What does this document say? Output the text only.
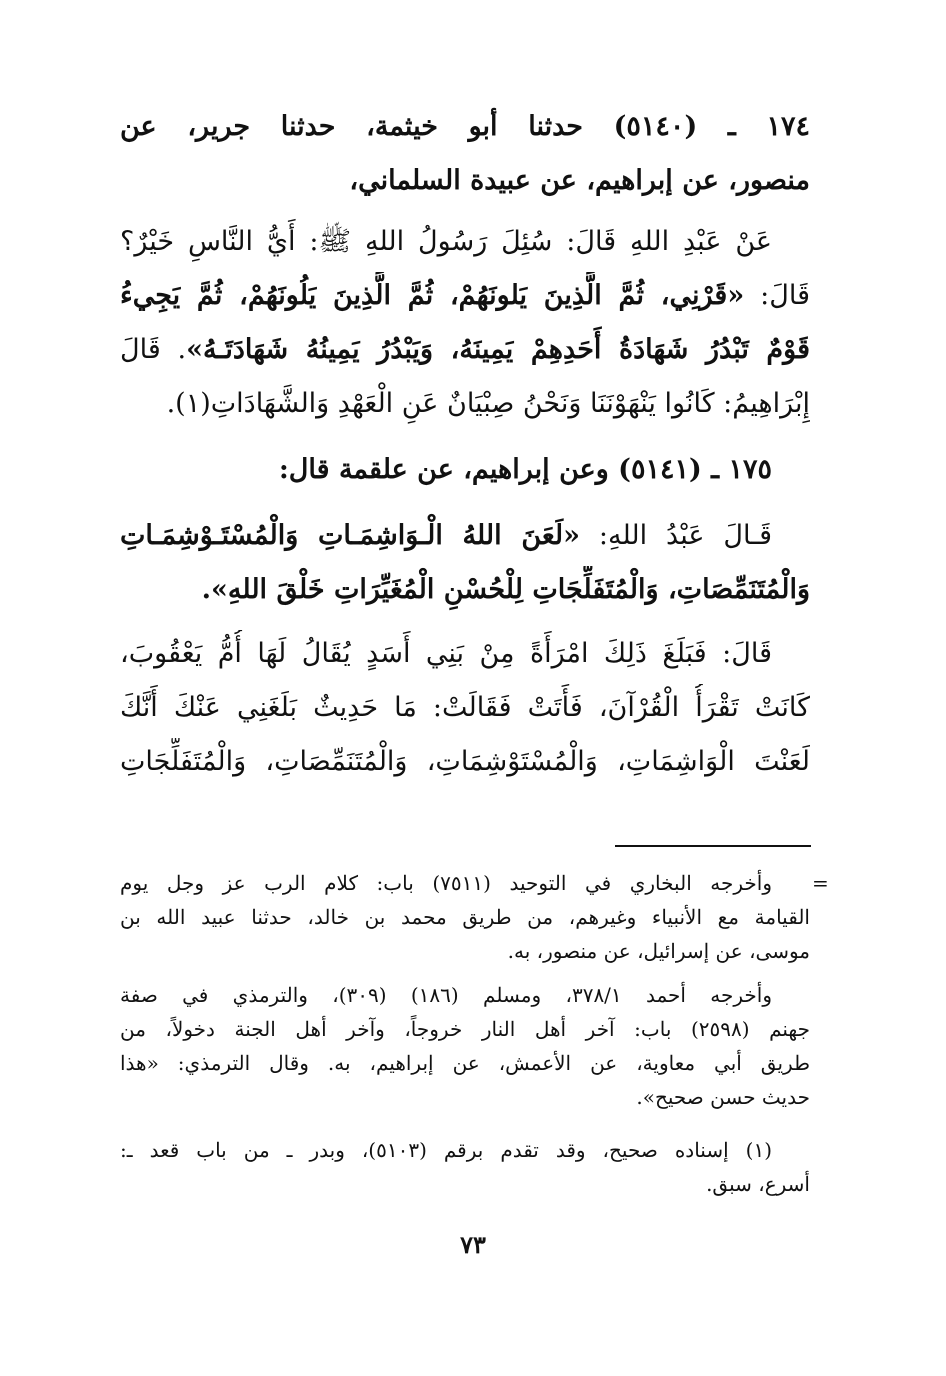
١٧٤ ـ (٥١٤٠) حدثنا أبو خيثمة، حدثنا جرير، عن
منصور، عن إبراهيم، عن عبيدة السلماني،
عَنْ عَبْدِ اللهِ قَالَ: سُئِلَ رَسُولُ اللهِ ﷺ: أَيُّ النَّاسِ خَيْرٌ؟
قَالَ: «قَرْنِي، ثُمَّ الَّذِينَ يَلونَهُمْ، ثُمَّ الَّذِينَ يَلُونَهُمْ، ثُمَّ يَجِيءُ
قَوْمٌ تَبْدُرُ شَهَادَةُ أَحَدِهِمْ يَمِينَهُ، وَيَبْدُرُ يَمِينُهُ شَهَادَتَـهُ». قَالَ
إِبْرَاهِيمُ: كَانُوا يَنْهَوْنَنَا وَنَحْنُ صِبْيَانٌ عَنِ الْعَهْدِ وَالشَّهَادَاتِ(١).
١٧٥ ـ (٥١٤١) وعن إبراهيم، عن علقمة قال:
قَـالَ عَبْدُ اللهِ: «لَعَنَ اللهُ الْـوَاشِمَـاتِ وَالْمُسْتَـوْشِمَـاتِ
وَالْمُتَنَمِّصَاتِ، وَالْمُتَفَلِّجَاتِ لِلْحُسْنِ الْمُغَيِّرَاتِ خَلْقَ اللهِ».
قَالَ: فَبَلَغَ ذَلِكَ امْرَأَةً مِنْ بَنِي أَسَدٍ يُقَالُ لَهَا أُمُّ يَعْقُوبَ،
كَانَتْ تَقْرَأُ الْقُرْآنَ، فَأَتَتْ فَقَالَتْ: مَا حَدِيثٌ بَلَغَنِي عَنْكَ أَنَّكَ
لَعَنْتَ الْوَاشِمَاتِ، وَالْمُسْتَوْشِمَاتِ، وَالْمُتَنَمِّصَاتِ، وَالْمُتَفَلِّجَاتِ
=
وأخرجه البخاري في التوحيد (٧٥١١) باب: كلام الرب عز وجل يوم
القيامة مع الأنبياء وغيرهم، من طريق محمد بن خالد، حدثنا عبيد الله بن
موسى، عن إسرائيل، عن منصور، به.
وأخرجه أحمد ٣٧٨/١، ومسلم (١٨٦) (٣٠٩)، والترمذي في صفة
جهنم (٢٥٩٨) باب: آخر أهل النار خروجاً، وآخر أهل الجنة دخولاً، من
طريق أبي معاوية، عن الأعمش، عن إبراهيم، به. وقال الترمذي: «هذا
حديث حسن صحيح».
(١) إسناده صحيح، وقد تقدم برقم (٥١٠٣)، وبدر ـ من باب قعد ـ:
أسرع، سبق.
٧٣
